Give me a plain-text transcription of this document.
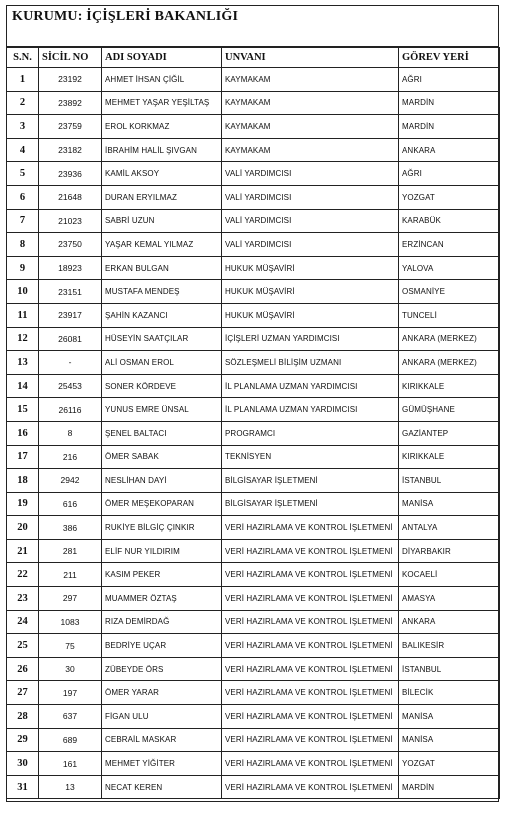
KURUMU: İÇİŞLERİ BAKANLIĞI
S.N.	SİCİL NO	ADI SOYADI	UNVANI	GÖREV YERİ
1	23192	AHMET İHSAN ÇİĞİL	KAYMAKAM	AĞRI
2	23892	MEHMET YAŞAR YEŞİLTAŞ	KAYMAKAM	MARDİN
3	23759	EROL KORKMAZ	KAYMAKAM	MARDİN
4	23182	İBRAHİM HALİL ŞIVGAN	KAYMAKAM	ANKARA
5	23936	KAMİL AKSOY	VALİ YARDIMCISI	AĞRI
6	21648	DURAN ERYILMAZ	VALİ YARDIMCISI	YOZGAT
7	21023	SABRİ UZUN	VALİ YARDIMCISI	KARABÜK
8	23750	YAŞAR KEMAL YILMAZ	VALİ YARDIMCISI	ERZİNCAN
9	18923	ERKAN BULGAN	HUKUK MÜŞAVİRİ	YALOVA
10	23151	MUSTAFA MENDEŞ	HUKUK MÜŞAVİRİ	OSMANİYE
11	23917	ŞAHİN KAZANCI	HUKUK MÜŞAVİRİ	TUNCELİ
12	26081	HÜSEYİN SAATÇILAR	İÇİŞLERİ UZMAN YARDIMCISI	ANKARA (MERKEZ)
13	-	ALİ OSMAN EROL	SÖZLEŞMELİ BİLİŞİM UZMANI	ANKARA (MERKEZ)
14	25453	SONER KÖRDEVE	İL PLANLAMA UZMAN YARDIMCISI	KIRIKKALE
15	26116	YUNUS EMRE ÜNSAL	İL PLANLAMA UZMAN YARDIMCISI	GÜMÜŞHANE
16	8	ŞENEL BALTACI	PROGRAMCI	GAZİANTEP
17	216	ÖMER SABAK	TEKNİSYEN	KIRIKKALE
18	2942	NESLİHAN DAYİ	BİLGİSAYAR İŞLETMENİ	İSTANBUL
19	616	ÖMER MEŞEKOPARAN	BİLGİSAYAR İŞLETMENİ	MANİSA
20	386	RUKİYE BİLGİÇ ÇINKIR	VERİ HAZIRLAMA VE KONTROL İŞLETMENİ	ANTALYA
21	281	ELİF NUR YILDIRIM	VERİ HAZIRLAMA VE KONTROL İŞLETMENİ	DİYARBAKIR
22	211	KASIM PEKER	VERİ HAZIRLAMA VE KONTROL İŞLETMENİ	KOCAELİ
23	297	MUAMMER ÖZTAŞ	VERİ HAZIRLAMA VE KONTROL İŞLETMENİ	AMASYA
24	1083	RIZA DEMİRDAĞ	VERİ HAZIRLAMA VE KONTROL İŞLETMENİ	ANKARA
25	75	BEDRİYE UÇAR	VERİ HAZIRLAMA VE KONTROL İŞLETMENİ	BALIKESİR
26	30	ZÜBEYDE ÖRS	VERİ HAZIRLAMA VE KONTROL İŞLETMENİ	İSTANBUL
27	197	ÖMER YARAR	VERİ HAZIRLAMA VE KONTROL İŞLETMENİ	BİLECİK
28	637	FİGAN ULU	VERİ HAZIRLAMA VE KONTROL İŞLETMENİ	MANİSA
29	689	CEBRAİL MASKAR	VERİ HAZIRLAMA VE KONTROL İŞLETMENİ	MANİSA
30	161	MEHMET YİĞİTER	VERİ HAZIRLAMA VE KONTROL İŞLETMENİ	YOZGAT
31	13	NECAT KEREN	VERİ HAZIRLAMA VE KONTROL İŞLETMENİ	MARDİN
